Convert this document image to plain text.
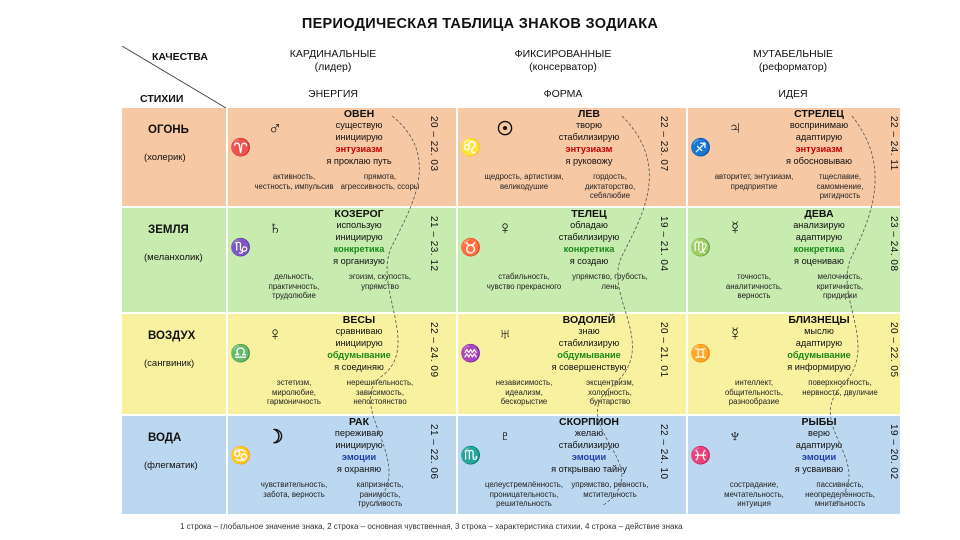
ПЕРИОДИЧЕСКАЯ ТАБЛИЦА ЗНАКОВ ЗОДИАКА
КАЧЕСТВА
СТИХИИ
КАРДИНАЛЬНЫЕ
(лидер)
ФИКСИРОВАННЫЕ
(консерватор)
МУТАБЕЛЬНЫЕ
(реформатор)
ЭНЕРГИЯ	ФОРМА	ИДЕЯ
ОГОНЬ
(холерик)
♈
♂
ОВЕН
существую
инициирую
энтузиазм
я проклаю путь	20 – 22. 03
активность, честность, импульсив
прямота, агрессивность, ссоры
♌
☉
ЛЕВ
творю
стабилизирую
энтузиазм
я руковожу	22 – 23. 07
щедрость, артистизм, великодушие
гордость, диктаторство, себялюбие
♐
♃
СТРЕЛЕЦ
воспринимаю
адаптирую
энтузиазм
я обосновываю	22 – 24. 11
авторитет, энтузиазм, предприятие
тщеславие, самомнение, ригидность
ЗЕМЛЯ
(меланхолик)
♑
♄
КОЗЕРОГ
использую
инициирую
конкретика
я организую	21 – 23. 12
дельность, практичность, трудолюбие
эгоизм, скупость, упрямство
♉
♀
ТЕЛЕЦ
обладаю
стабилизирую
конкретика
я создаю	19 – 21. 04
стабильность, чувство прекрасного
упрямство, грубость, лень
♍
☿
ДЕВА
анализирую
адаптирую
конкретика
я оцениваю	23 – 24. 08
точность, аналитичность, верность
мелочность, критичность, придирки
ВОЗДУХ
(сангвиник)
♎
♀
ВЕСЫ
сравниваю
инициирую
обдумывание
я соединяю	22 – 24. 09
эстетизм, миролюбие, гармоничность
нерешительность, зависимость, непостоянство
♒
♅
ВОДОЛЕЙ
знаю
стабилизирую
обдумывание
я совершенствую	20 – 21. 01
независимость, идеализм, бескорыстие
эксцентризм, холодность, бунтарство
♊
☿
БЛИЗНЕЦЫ
мыслю
адаптирую
обдумывание
я информирую	20 – 22. 05
интеллект, общительность, разнообразие
поверхностность, нервность, двуличие
ВОДА
(флегматик)
♋
☽
РАК
переживаю
инициирую
эмоции
я охраняю	21 – 22. 06
чувствительность, забота, верность
капризность, ранимость, трусливость
♏
♇
СКОРПИОН
желаю
стабилизирую
эмоции
я открываю тайну	22 – 24. 10
целеустремлённость, проницательность, решительность
упрямство, ревность, мстительность
♓
♆
РЫБЫ
верю
адаптирую
эмоции
я усваиваю	19 – 20. 02
сострадание, мечтательность, интуиция
пассивность, неопределённость, мнительность
1 строка – глобальное значение знака, 2 строка – основная чувственная, 3 строка – характеристика стихии, 4 строка – действие знака
